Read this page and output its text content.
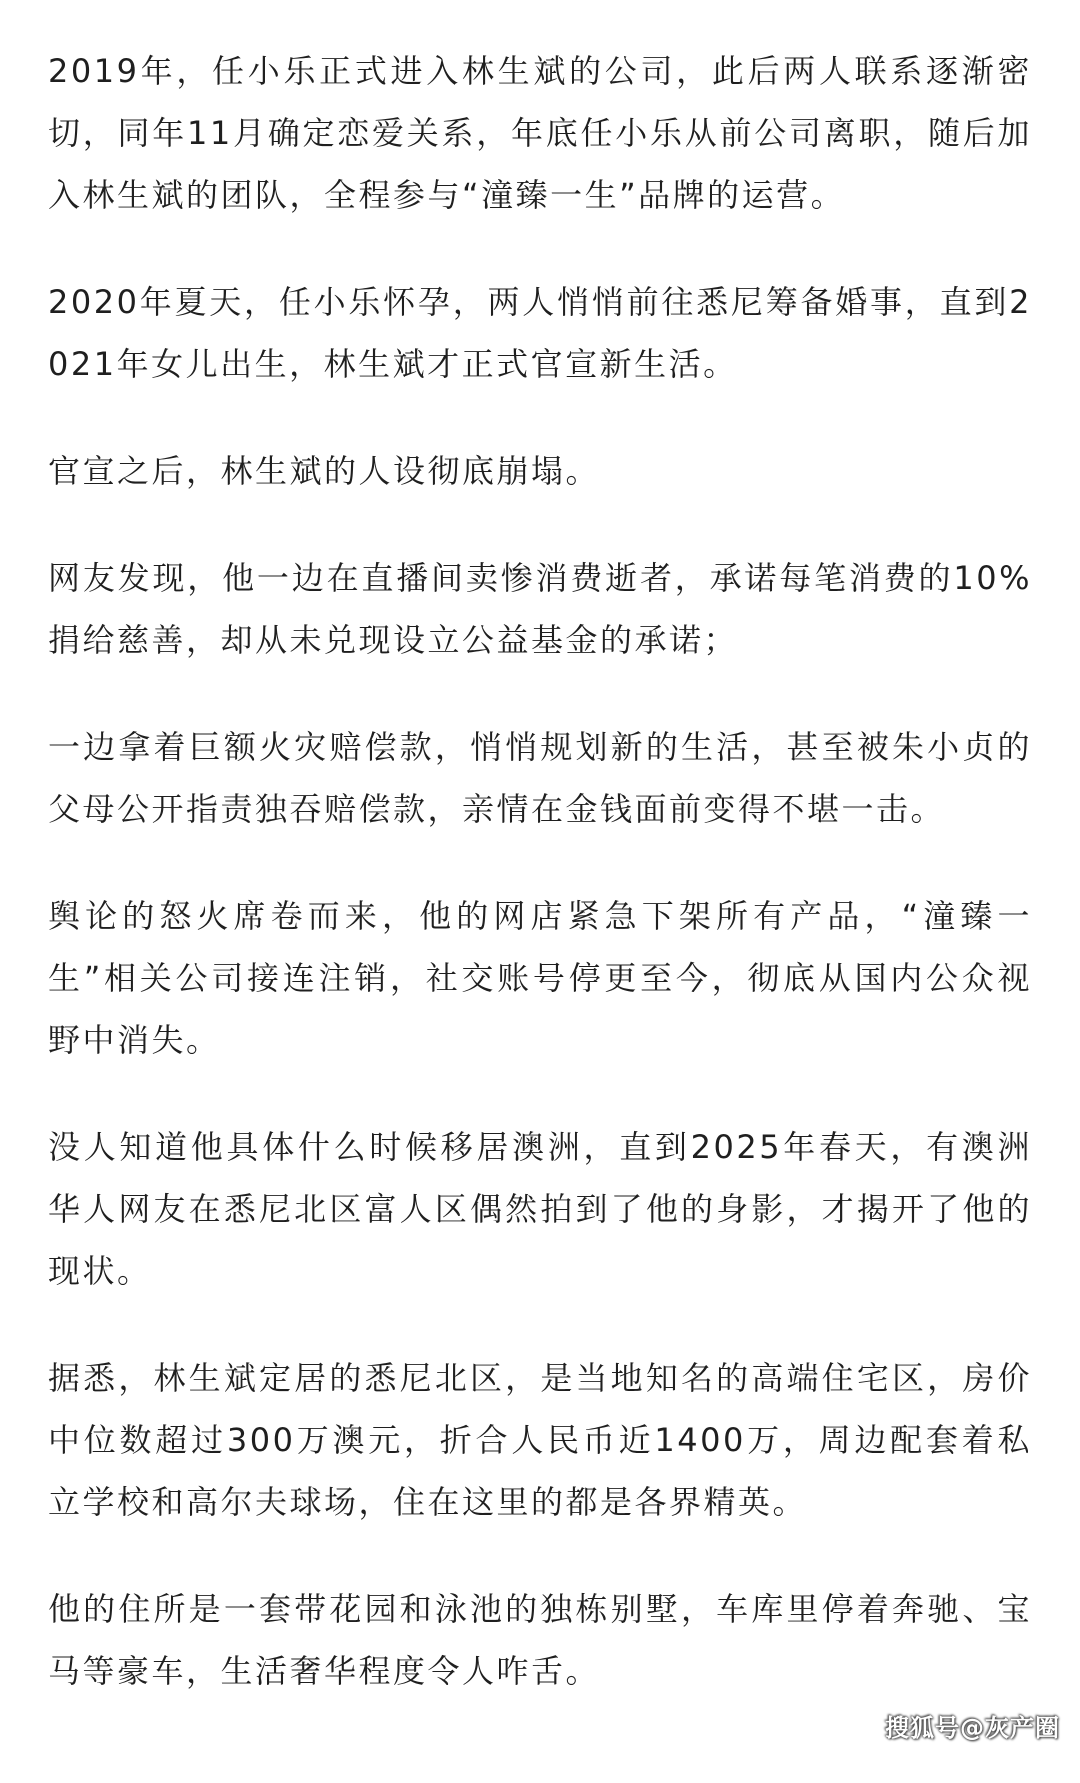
2019年，任小乐正式进入林生斌的公司，此后两人联系逐渐密切，同年11月确定恋爱关系，年底任小乐从前公司离职，随后加入林生斌的团队，全程参与“潼臻一生”品牌的运营。

2020年夏天，任小乐怀孕，两人悄悄前往悉尼筹备婚事，直到2021年女儿出生，林生斌才正式官宣新生活。

官宣之后，林生斌的人设彻底崩塌。

网友发现，他一边在直播间卖惨消费逝者，承诺每笔消费的10%捐给慈善，却从未兑现设立公益基金的承诺；

一边拿着巨额火灾赔偿款，悄悄规划新的生活，甚至被朱小贞的父母公开指责独吞赔偿款，亲情在金钱面前变得不堪一击。

舆论的怒火席卷而来，他的网店紧急下架所有产品，“潼臻一生”相关公司接连注销，社交账号停更至今，彻底从国内公众视野中消失。

没人知道他具体什么时候移居澳洲，直到2025年春天，有澳洲华人网友在悉尼北区富人区偶然拍到了他的身影，才揭开了他的现状。

据悉，林生斌定居的悉尼北区，是当地知名的高端住宅区，房价中位数超过300万澳元，折合人民币近1400万，周边配套着私立学校和高尔夫球场，住在这里的都是各界精英。

他的住所是一套带花园和泳池的独栋别墅，车库里停着奔驰、宝马等豪车，生活奢华程度令人咋舌。

搜狐号@灰产圈
